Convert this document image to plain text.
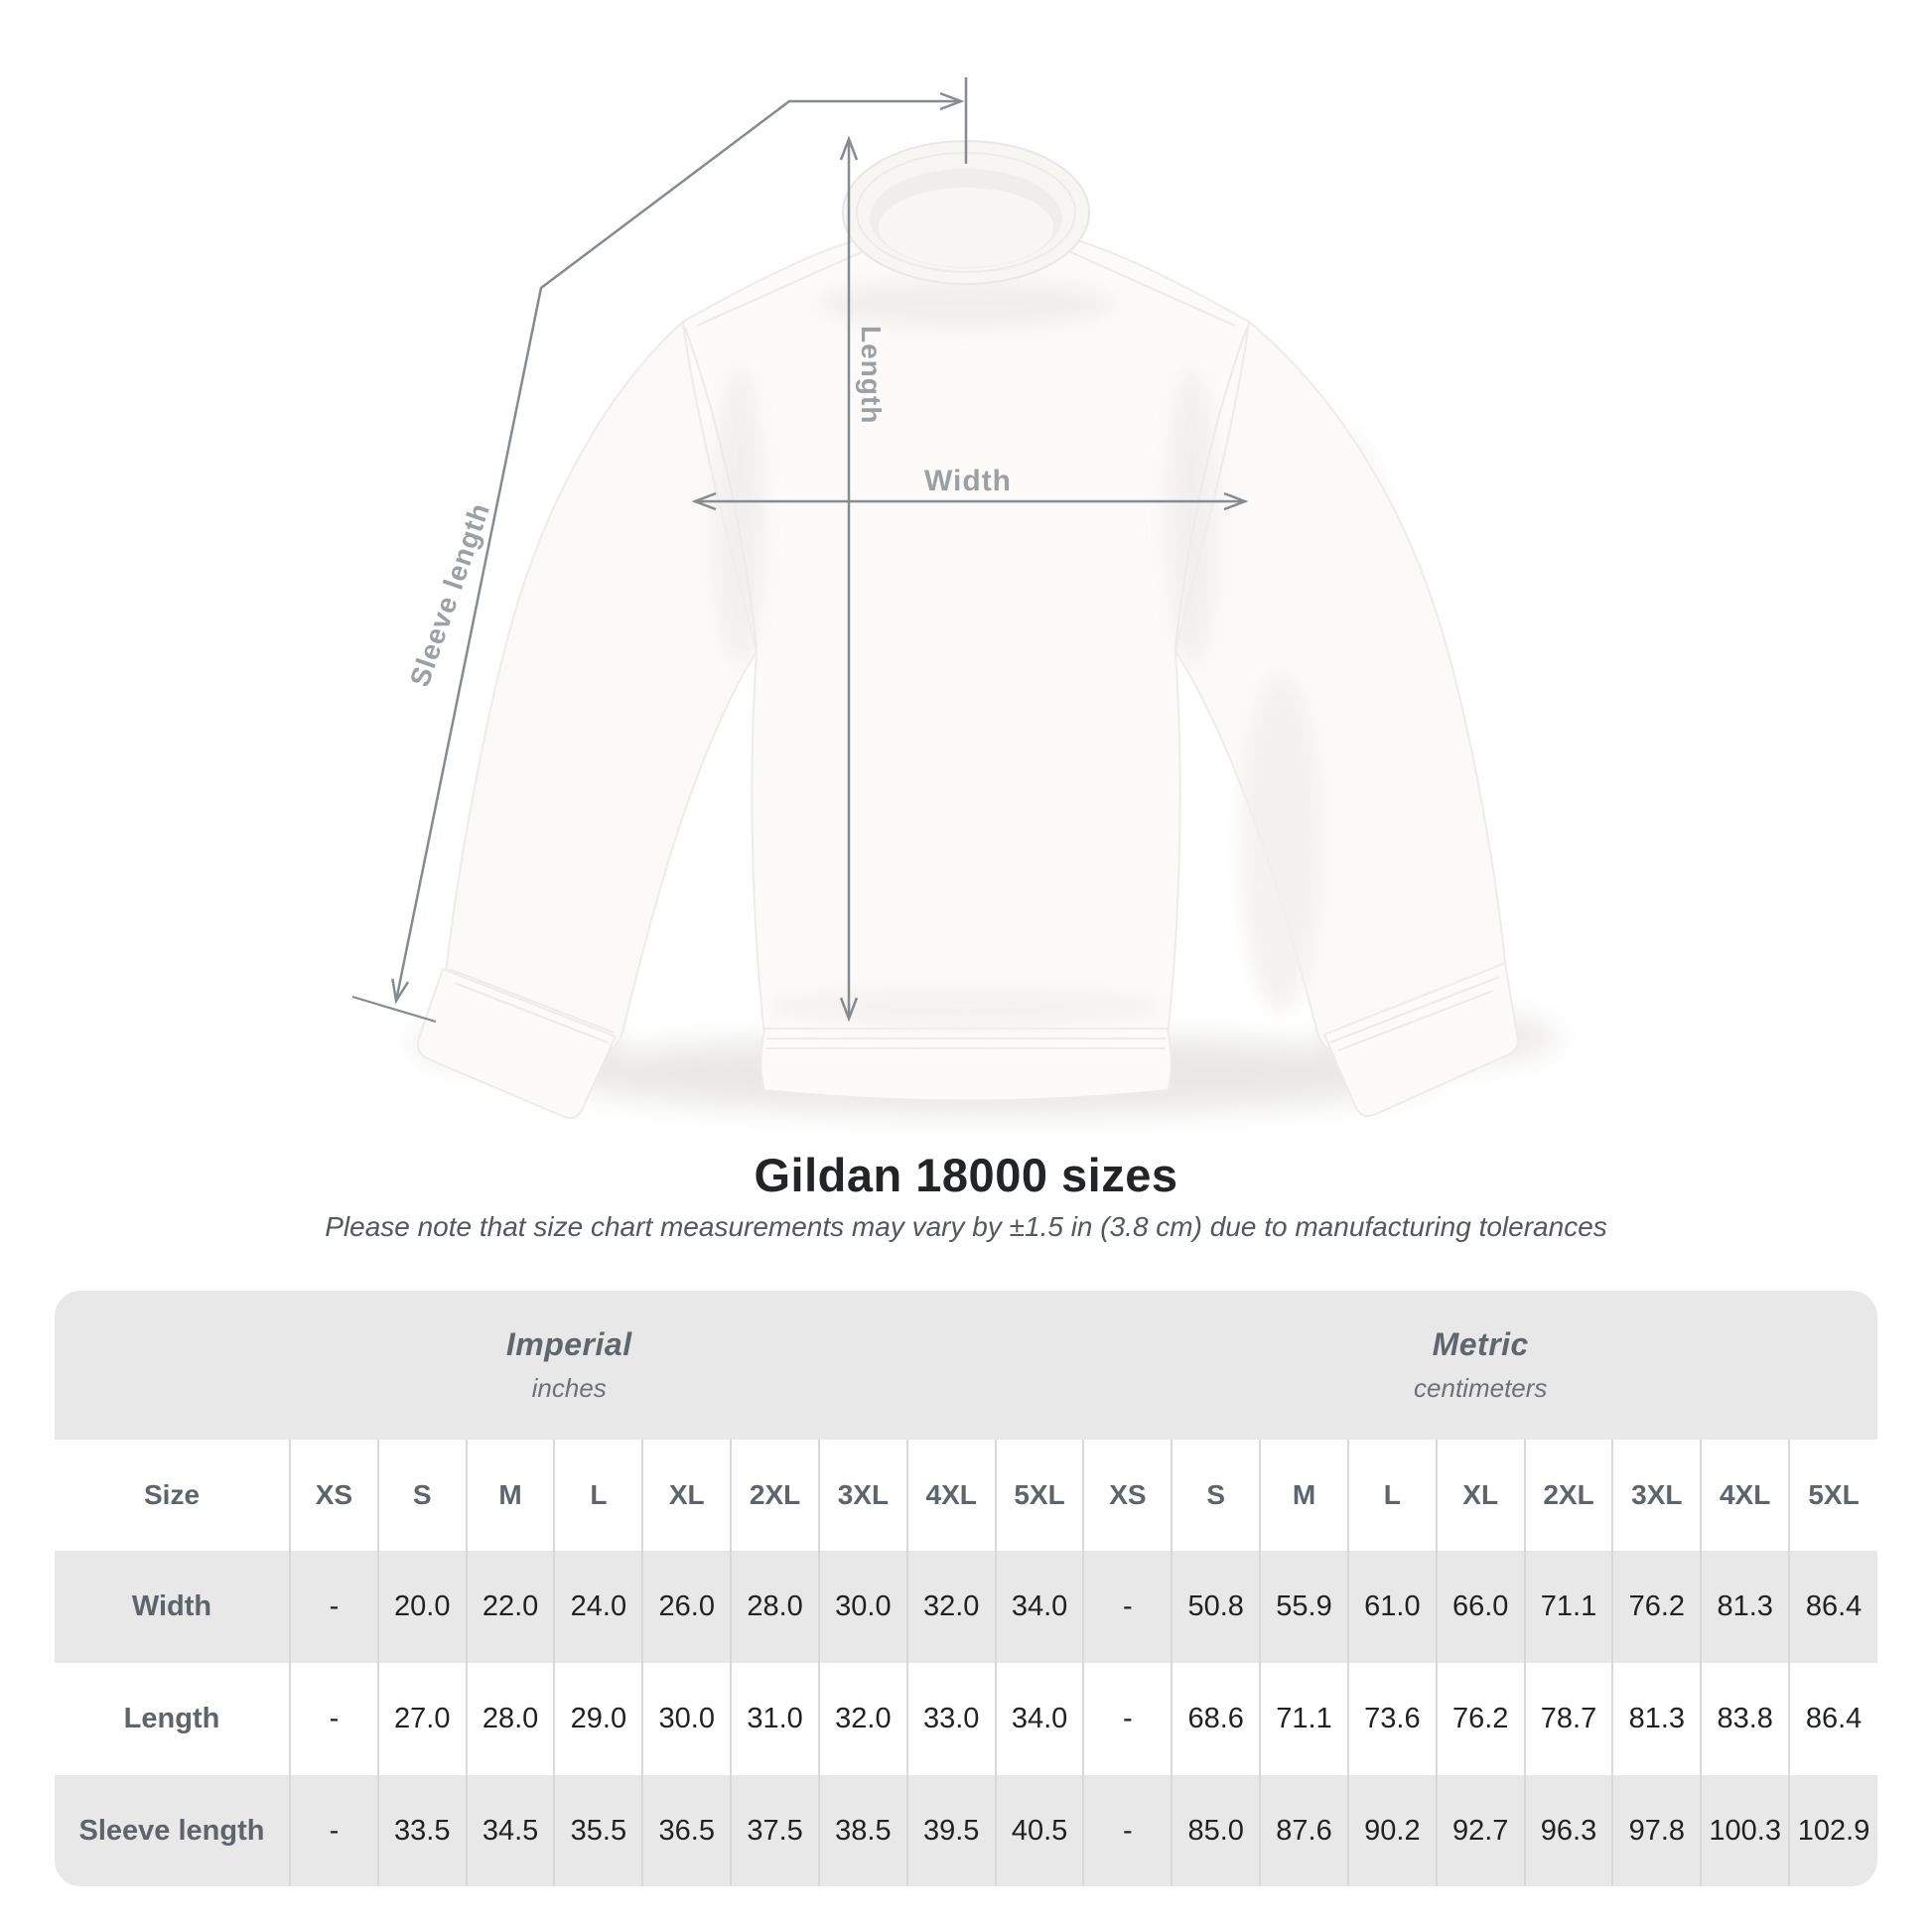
Length
Width
Sleeve length
Gildan 18000 sizes
Please note that size chart measurements may vary by ±1.5 in (3.8 cm) due to manufacturing tolerances
Imperial
inches

Metric
centimeters

Size	XS	S	M	L	XL	2XL	3XL	4XL	5XL	XS	S	M	L	XL	2XL	3XL	4XL	5XL
Width	-	20.0	22.0	24.0	26.0	28.0	30.0	32.0	34.0	-	50.8	55.9	61.0	66.0	71.1	76.2	81.3	86.4
Length	-	27.0	28.0	29.0	30.0	31.0	32.0	33.0	34.0	-	68.6	71.1	73.6	76.2	78.7	81.3	83.8	86.4
Sleeve length	-	33.5	34.5	35.5	36.5	37.5	38.5	39.5	40.5	-	85.0	87.6	90.2	92.7	96.3	97.8	100.3	102.9
